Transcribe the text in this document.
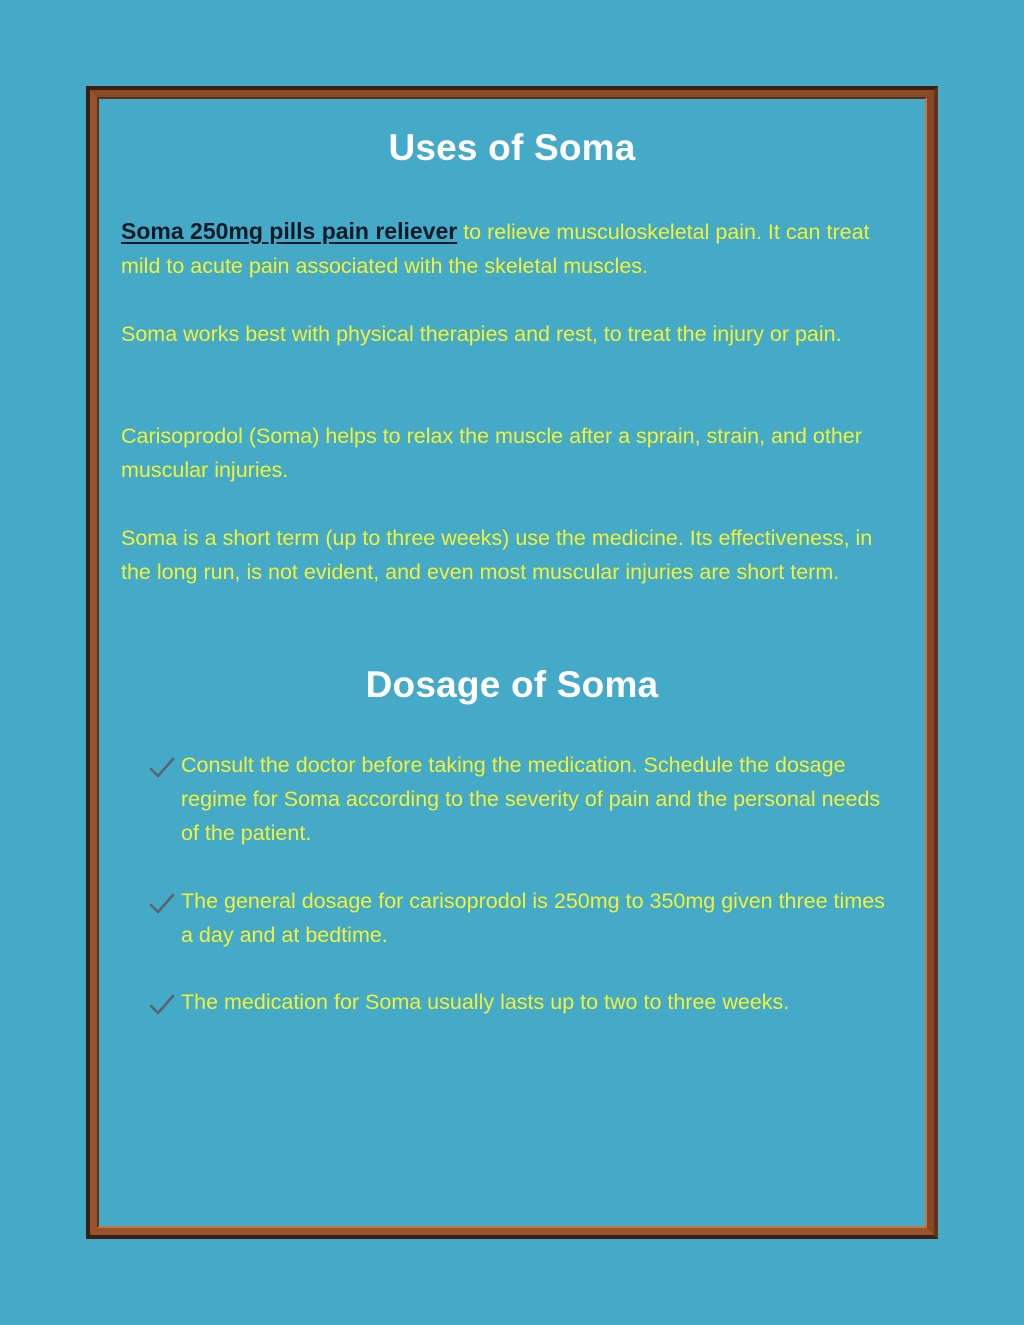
Uses of Soma

Soma 250mg pills pain reliever to relieve musculoskeletal pain. It can treat mild to acute pain associated with the skeletal muscles.

Soma works best with physical therapies and rest, to treat the injury or pain.

Carisoprodol (Soma) helps to relax the muscle after a sprain, strain, and other muscular injuries.

Soma is a short term (up to three weeks) use the medicine. Its effectiveness, in the long run, is not evident, and even most muscular injuries are short term.

Dosage of Soma

Consult the doctor before taking the medication. Schedule the dosage regime for Soma according to the severity of pain and the personal needs of the patient.

The general dosage for carisoprodol is 250mg to 350mg given three times a day and at bedtime.

The medication for Soma usually lasts up to two to three weeks.
